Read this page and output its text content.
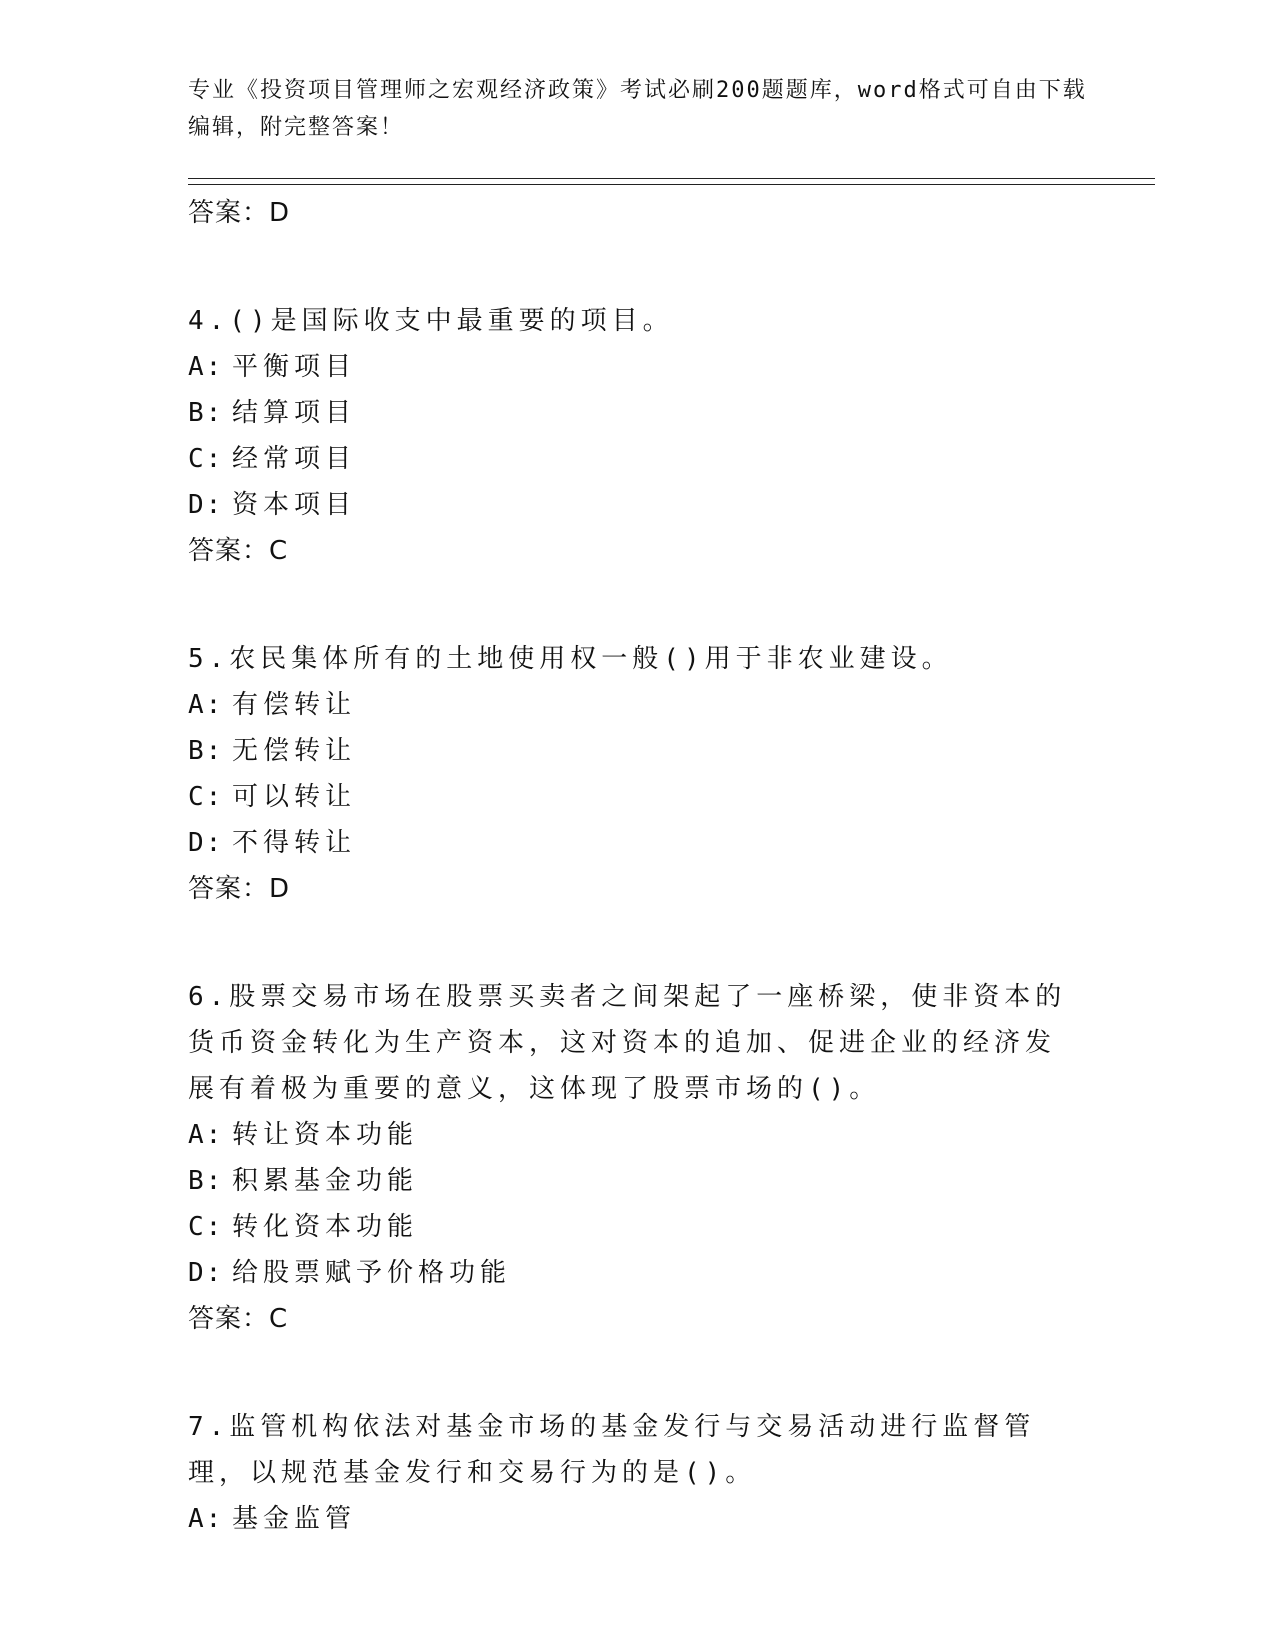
专业《投资项目管理师之宏观经济政策》考试必刷200题题库，word格式可自由下载编辑，附完整答案！
答案：D
4.()是国际收支中最重要的项目。
A: 平衡项目
B: 结算项目
C: 经常项目
D: 资本项目
答案：C
5.农民集体所有的土地使用权一般()用于非农业建设。
A: 有偿转让
B: 无偿转让
C: 可以转让
D: 不得转让
答案：D
6.股票交易市场在股票买卖者之间架起了一座桥梁，使非资本的货币资金转化为生产资本，这对资本的追加、促进企业的经济发展有着极为重要的意义，这体现了股票市场的()。
A: 转让资本功能
B: 积累基金功能
C: 转化资本功能
D: 给股票赋予价格功能
答案：C
7.监管机构依法对基金市场的基金发行与交易活动进行监督管理，以规范基金发行和交易行为的是()。
A: 基金监管
